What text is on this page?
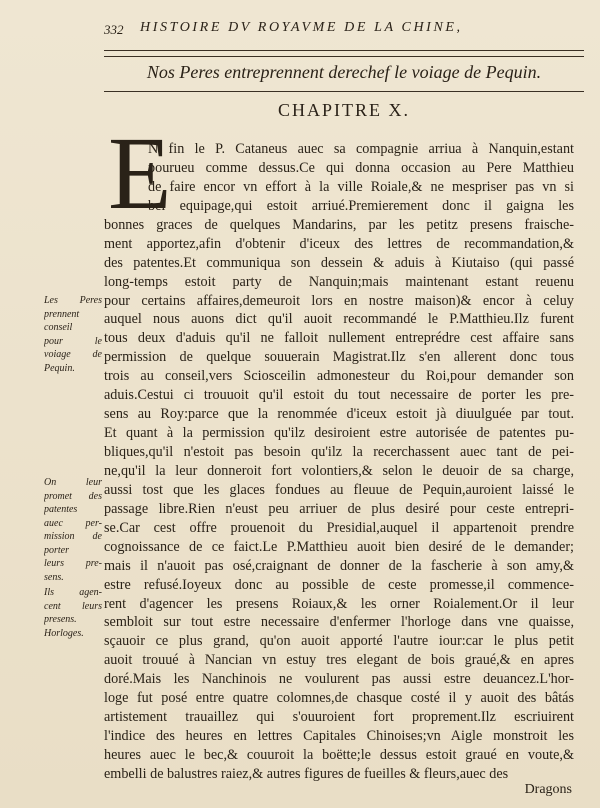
332 HISTOIRE DV ROYAVME DE LA CHINE,
Nos Peres entreprennent derechef le voiage de Pequin.
CHAPITRE X.
E
N fin le P. Cataneus auec sa compagnie arriua à Nanquin,estant
pourueu comme dessus.Ce qui donna occasion au Pere Matthieu
de faire encor vn effort à la ville Roiale,& ne mespriser pas vn si
bel equipage,qui estoit arriué.Premierement donc il gaigna les
bonnes graces de quelques Mandarins, par les petitz presens fraische-
ment apportez,afin d'obtenir d'iceux des lettres de recommandation,&
des patentes.Et communiqua son dessein & aduis à Kiutaiso (qui passé
long-temps estoit party de Nanquin;mais maintenant estant reuenu
pour certains affaires,demeuroit lors en nostre maison)& encor à celuy
auquel nous auons dict qu'il auoit recommandé le P.Matthieu.Ilz furent
tous deux d'aduis qu'il ne falloit nullement entreprédre cest affaire sans
permission de quelque souuerain Magistrat.Ilz s'en allerent donc tous
trois au conseil,vers Sciosceilin admonesteur du Roi,pour demander son
aduis.Cestui ci trouuoit qu'il estoit du tout necessaire de porter les pre-
sens au Roy:parce que la renommée d'iceux estoit jà diuulguée par tout.
Et quant à la permission qu'ilz desiroient estre autorisée de patentes pu-
bliques,qu'il n'estoit pas besoin qu'ilz la recerchassent auec tant de pei-
ne,qu'il la leur donneroit fort volontiers,& selon le deuoir de sa charge,
aussi tost que les glaces fondues au fleuue de Pequin,auroient laissé le
passage libre.Rien n'eust peu arriuer de plus desiré pour ceste entrepri-
se.Car cest offre prouenoit du Presidial,auquel il appartenoit prendre
cognoissance de ce faict.Le P.Matthieu auoit bien desiré de le demander;
mais il n'auoit pas osé,craignant de donner de la fascherie à son amy,&
estre refusé.Ioyeux donc au possible de ceste promesse,il commence-
rent d'agencer les presens Roiaux,& les orner Roialement.Or il leur
sembloit sur tout estre necessaire d'enfermer l'horloge dans vne quaisse,
sçauoir ce plus grand, qu'on auoit apporté l'autre iour:car le plus petit
auoit trouué à Nancian vn estuy tres elegant de bois graué,& en apres
doré.Mais les Nanchinois ne voulurent pas aussi estre deuancez.L'hor-
loge fut posé entre quatre colomnes,de chasque costé il y auoit des bâtás
artistement trauaillez qui s'ouuroient fort proprement.Ilz escriuirent
l'indice des heures en lettres Capitales Chinoises;vn Aigle monstroit les
heures auec le bec,& couuroit la boëtte;le dessus estoit graué en voute,&
embelli de balustres raiez,& autres figures de fueilles & fleurs,auec des
Les Peres
prennent
conseil
pour le
voiage de
Pequin.
On leur
promet des
patentes
auec per-
mission de
porter
leurs pre-
sens.
Ils agen-
cent leurs
presens.
Horloges.
Dragons
